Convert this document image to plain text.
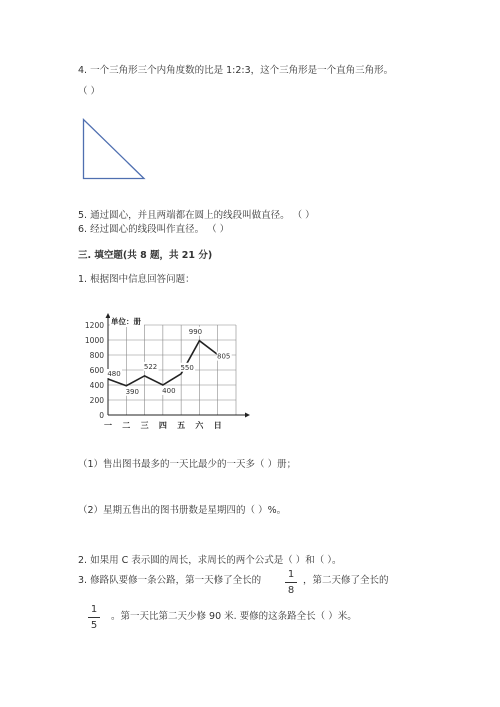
4. 一个三角形三个内角度数的比是 1:2:3，这个三角形是一个直角三角形。
（ ）
5. 通过圆心，并且两端都在圆上的线段叫做直径。 （ ）
6. 经过圆心的线段叫作直径。 （ ）
三. 填空题(共 8 题，共 21 分)
1. 根据图中信息回答问题：
0
200
400
600
800
1000
1200 单位：册
一 二 三 四 五 六 日
480
390
522
400
550
990
805
（1）售出图书最多的一天比最少的一天多（ ）册；
（2）星期五售出的图书册数是星期四的（ ）%。
2. 如果用 C 表示圆的周长，求周长的两个公式是（ ）和（ ）。
3. 修路队要修一条公路，第一天修了全长的
1
8
，第二天修了全长的
1
5
。第一天比第二天少修 90 米. 要修的这条路全长（ ）米。
